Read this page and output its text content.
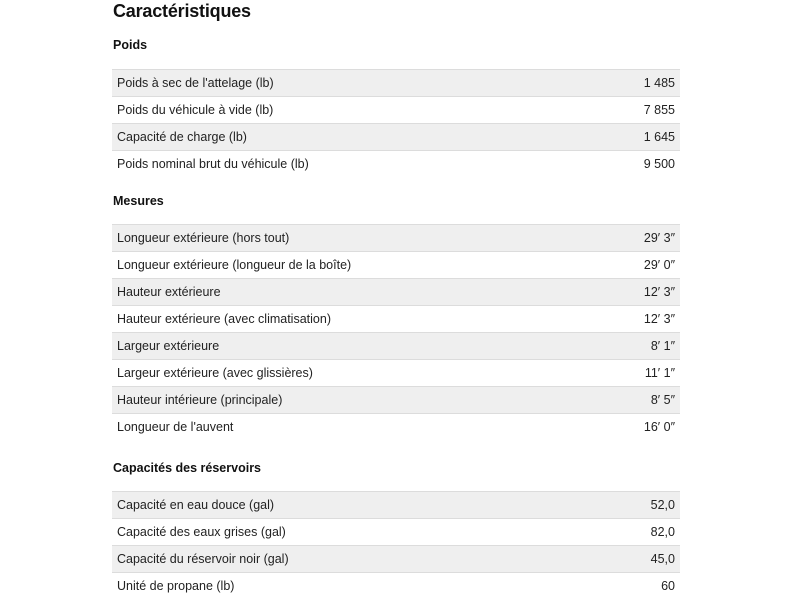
Caractéristiques
Poids
Poids à sec de l'attelage (lb)	1 485
Poids du véhicule à vide (lb)	7 855
Capacité de charge (lb)	1 645
Poids nominal brut du véhicule (lb)	9 500
Mesures
Longueur extérieure (hors tout)	29′ 3″
Longueur extérieure (longueur de la boîte)	29′ 0″
Hauteur extérieure	12′ 3″
Hauteur extérieure (avec climatisation)	12′ 3″
Largeur extérieure	8′ 1″
Largeur extérieure (avec glissières)	11′ 1″
Hauteur intérieure (principale)	8′ 5″
Longueur de l'auvent	16′ 0″
Capacités des réservoirs
Capacité en eau douce (gal)	52,0
Capacité des eaux grises (gal)	82,0
Capacité du réservoir noir (gal)	45,0
Unité de propane (lb)	60
